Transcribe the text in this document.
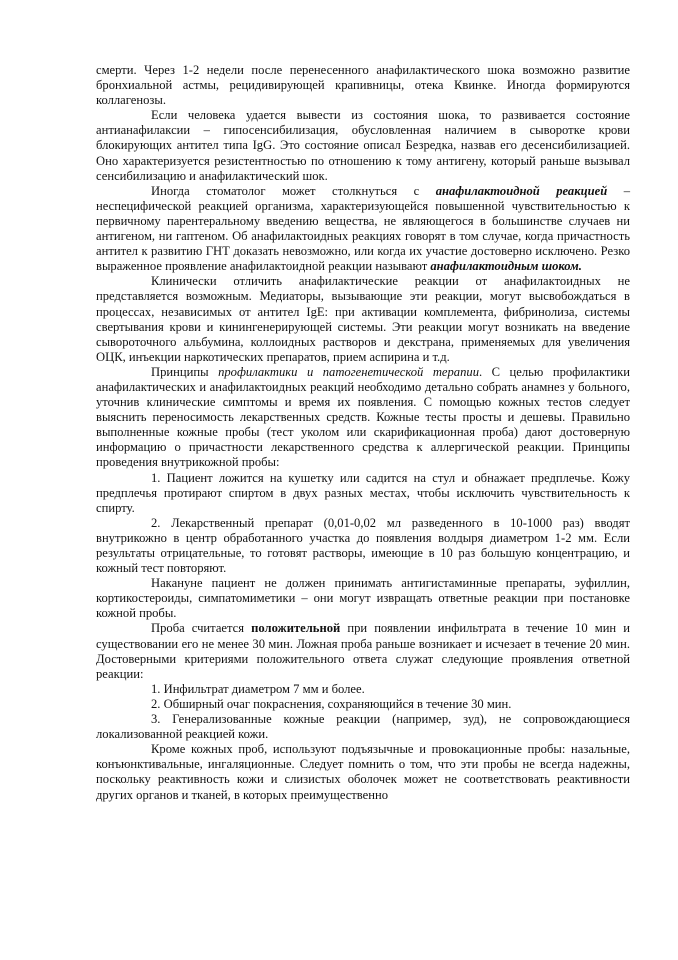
смерти. Через 1-2 недели после перенесенного анафилактического шока возможно развитие бронхиальной астмы, рецидивирующей крапивницы, отека Квинке. Иногда формируются коллагенозы.

Если человека удается вывести из состояния шока, то развивается состояние антианафилаксии – гипосенсибилизация, обусловленная наличием в сыворотке крови блокирующих антител типа IgG. Это состояние описал Безредка, назвав его десенсибилизацией. Оно характеризуется резистентностью по отношению к тому антигену, который раньше вызывал сенсибилизацию и анафилактический шок.

Иногда стоматолог может столкнуться с анафилактоидной реакцией – неспецифической реакцией организма, характеризующейся повышенной чувствительностью к первичному парентеральному введению вещества, не являющегося в большинстве случаев ни антигеном, ни гаптеном. Об анафилактоидных реакциях говорят в том случае, когда причастность антител к развитию ГНТ доказать невозможно, или когда их участие достоверно исключено. Резко выраженное проявление анафилактоидной реакции называют анафилактоидным шоком.

Клинически отличить анафилактические реакции от анафилактоидных не представляется возможным. Медиаторы, вызывающие эти реакции, могут высвобождаться в процессах, независимых от антител IgE: при активации комплемента, фибринолиза, системы свертывания крови и кинингенерирующей системы. Эти реакции могут возникать на введение сывороточного альбумина, коллоидных растворов и декстрана, применяемых для увеличения ОЦК, инъекции наркотических препаратов, прием аспирина и т.д.

Принципы профилактики и патогенетической терапии. С целью профилактики анафилактических и анафилактоидных реакций необходимо детально собрать анамнез у больного, уточнив клинические симптомы и время их появления. С помощью кожных тестов следует выяснить переносимость лекарственных средств. Кожные тесты просты и дешевы. Правильно выполненные кожные пробы (тест уколом или скарификационная проба) дают достоверную информацию о причастности лекарственного средства к аллергической реакции. Принципы проведения внутрикожной пробы:

1. Пациент ложится на кушетку или садится на стул и обнажает предплечье. Кожу предплечья протирают спиртом в двух разных местах, чтобы исключить чувствительность к спирту.

2. Лекарственный препарат (0,01-0,02 мл разведенного в 10-1000 раз) вводят внутрикожно в центр обработанного участка до появления волдыря диаметром 1-2 мм. Если результаты отрицательные, то готовят растворы, имеющие в 10 раз большую концентрацию, и кожный тест повторяют.

Накануне пациент не должен принимать антигистаминные препараты, эуфиллин, кортикостероиды, симпатомиметики – они могут извращать ответные реакции при постановке кожной пробы.

Проба считается положительной при появлении инфильтрата в течение 10 мин и существовании его не менее 30 мин. Ложная проба раньше возникает и исчезает в течение 20 мин. Достоверными критериями положительного ответа служат следующие проявления ответной реакции:

1. Инфильтрат диаметром 7 мм и более.

2. Обширный очаг покраснения, сохраняющийся в течение 30 мин.

3. Генерализованные кожные реакции (например, зуд), не сопровождающиеся локализованной реакцией кожи.

Кроме кожных проб, используют подъязычные и провокационные пробы: назальные, конъюнктивальные, ингаляционные. Следует помнить о том, что эти пробы не всегда надежны, поскольку реактивность кожи и слизистых оболочек может не соответствовать реактивности других органов и тканей, в которых преимущественно
